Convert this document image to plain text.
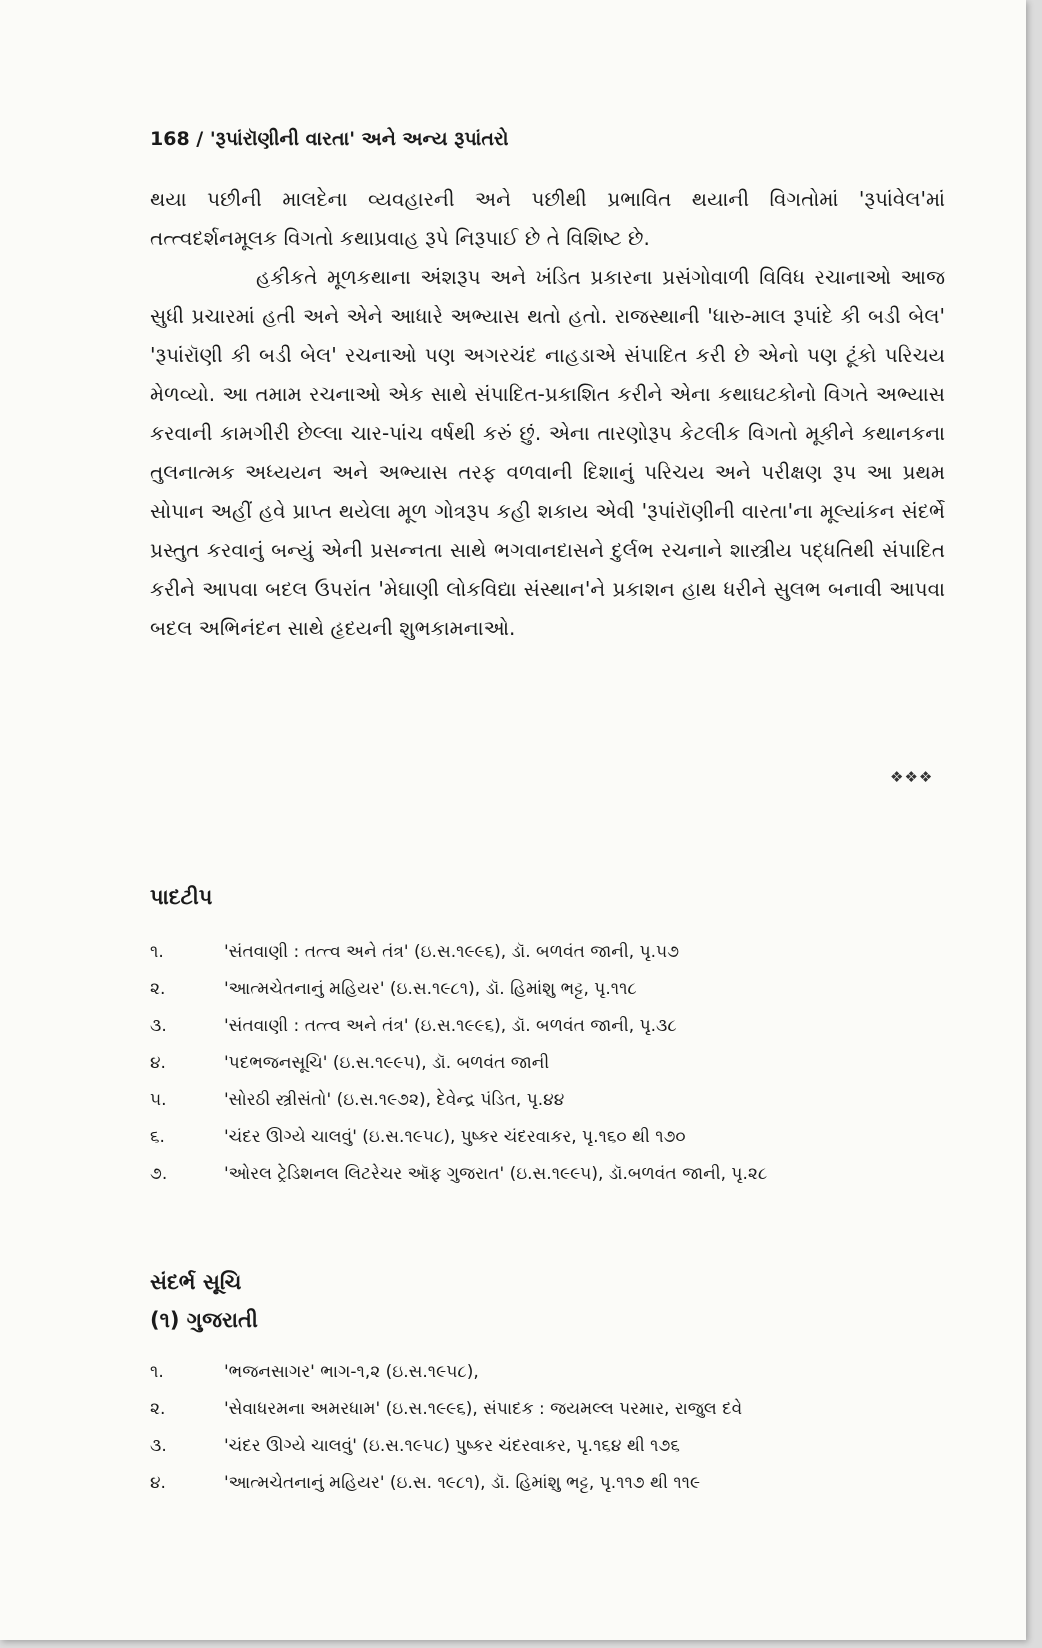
168 / 'રૂપાંરૉણીની વારતા' અને અન્ય રૂપાંતરો

થયા પછીની માલદેના વ્યવહારની અને પછીથી પ્રભાવિત થયાની વિગતોમાં 'રૂપાંવેલ'માં તત્ત્વદર્શનમૂલક વિગતો કથાપ્રવાહ રૂપે નિરૂપાઈ છે તે વિશિષ્ટ છે.

હકીકતે મૂળકથાના અંશરૂપ અને ખંડિત પ્રકારના પ્રસંગોવાળી વિવિધ રચાનાઓ આજ સુધી પ્રચારમાં હતી અને એને આધારે અભ્યાસ થતો હતો. રાજસ્થાની 'ધારુ-માલ રૂપાંદે કી બડી બેલ' 'રૂપાંરૉણી કી બડી બેલ' રચનાઓ પણ અગરચંદ નાહડાએ સંપાદિત કરી છે એનો પણ ટૂંકો પરિચય મેળવ્યો. આ તમામ રચનાઓ એક સાથે સંપાદિત-પ્રકાશિત કરીને એના કથાઘટકોનો વિગતે અભ્યાસ કરવાની કામગીરી છેલ્લા ચાર-પાંચ વર્ષથી કરું છું. એના તારણોરૂપ કેટલીક વિગતો મૂકીને કથાનકના તુલનાત્મક અધ્યયન અને અભ્યાસ તરફ વળવાની દિશાનું પરિચય અને પરીક્ષણ રૂપ આ પ્રથમ સોપાન અહીં હવે પ્રાપ્ત થયેલા મૂળ ગોત્રરૂપ કહી શકાય એવી 'રૂપાંરૉણીની વારતા'ના મૂલ્યાંકન સંદર્ભે પ્રસ્તુત કરવાનું બન્યું એની પ્રસન્નતા સાથે ભગવાનદાસને દુર્લભ રચનાને શાસ્ત્રીય પદ્ધતિથી સંપાદિત કરીને આપવા બદલ ઉપરાંત 'મેઘાણી લોકવિદ્યા સંસ્થાન'ને પ્રકાશન હાથ ધરીને સુલભ બનાવી આપવા બદલ અભિનંદન સાથે હૃદયની શુભકામનાઓ.

❖❖❖
પાદટીપ
૧.	'સંતવાણી : તત્ત્વ અને તંત્ર' (ઇ.સ.૧૯૯૬), ડૉ. બળવંત જાની, પૃ.૫૭
૨.	'આત્મચેતનાનું મહિયર' (ઇ.સ.૧૯૮૧), ડૉ. હિમાંશુ ભટ્ટ, પૃ.૧૧૮
૩.	'સંતવાણી : તત્ત્વ અને તંત્ર' (ઇ.સ.૧૯૯૬), ડૉ. બળવંત જાની, પૃ.૩૮
૪.	'પદભજનસૂચિ' (ઇ.સ.૧૯૯૫), ડૉ. બળવંત જાની
૫.	'સોરઠી સ્ત્રીસંતો' (ઇ.સ.૧૯૭૨), દેવેન્દ્ર પંડિત, પૃ.૪૪
૬.	'ચંદર ઊગ્યે ચાલવું' (ઇ.સ.૧૯૫૮), પુષ્કર ચંદરવાકર, પૃ.૧૬૦ થી ૧૭૦
૭.	'ઓરલ ટ્રેડિશનલ લિટરેચર ઑફ ગુજરાત' (ઇ.સ.૧૯૯૫), ડૉ.બળવંત જાની, પૃ.૨૮
સંદર્ભ સૂચિ
(૧) ગુજરાતી
૧.	'ભજનસાગર' ભાગ-૧,૨ (ઇ.સ.૧૯૫૮),
૨.	'સેવાધરમના અમરધામ' (ઇ.સ.૧૯૯૬), સંપાદક : જયમલ્લ પરમાર, રાજુલ દવે
૩.	'ચંદર ઊગ્યે ચાલવું' (ઇ.સ.૧૯૫૮) પુષ્કર ચંદરવાકર, પૃ.૧૬૪ થી ૧૭૬
૪.	'આત્મચેતનાનું મહિયર' (ઇ.સ. ૧૯૮૧), ડૉ. હિમાંશુ ભટ્ટ, પૃ.૧૧૭ થી ૧૧૯
